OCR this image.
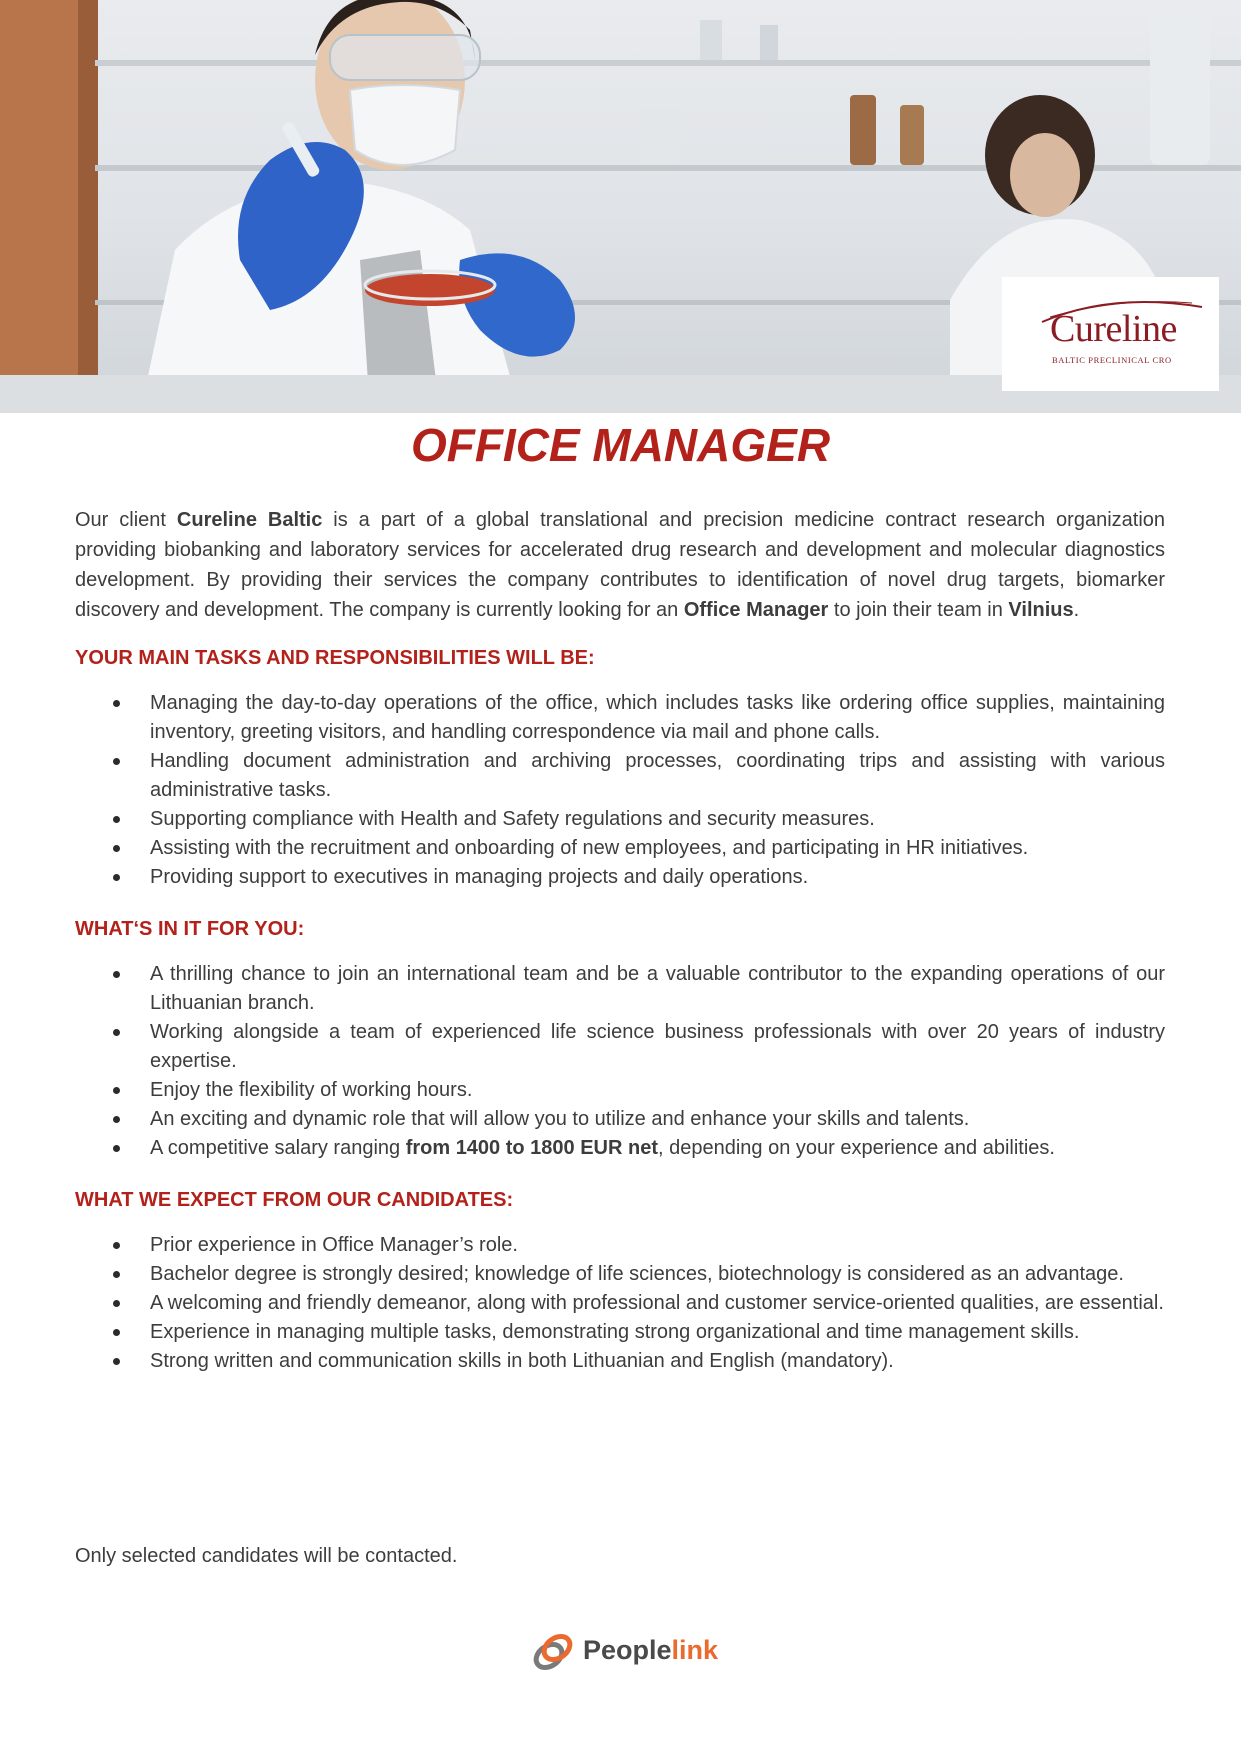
Cureline
BALTIC PRECLINICAL CRO
OFFICE MANAGER

Our client Cureline Baltic is a part of a global translational and precision medicine contract research organization providing biobanking and laboratory services for accelerated drug research and development and molecular diagnostics development. By providing their services the company contributes to identification of novel drug targets, biomarker discovery and development. The company is currently looking for an Office Manager to join their team in Vilnius.

YOUR MAIN TASKS AND RESPONSIBILITIES WILL BE:
Managing the day-to-day operations of the office, which includes tasks like ordering office supplies, maintaining inventory, greeting visitors, and handling correspondence via mail and phone calls.
Handling document administration and archiving processes, coordinating trips and assisting with various administrative tasks.
Supporting compliance with Health and Safety regulations and security measures.
Assisting with the recruitment and onboarding of new employees, and participating in HR initiatives.
Providing support to executives in managing projects and daily operations.
WHAT‘S IN IT FOR YOU:
A thrilling chance to join an international team and be a valuable contributor to the expanding operations of our Lithuanian branch.
Working alongside a team of experienced life science business professionals with over 20 years of industry expertise.
Enjoy the flexibility of working hours.
An exciting and dynamic role that will allow you to utilize and enhance your skills and talents.
A competitive salary ranging from 1400 to 1800 EUR net, depending on your experience and abilities.
WHAT WE EXPECT FROM OUR CANDIDATES:
Prior experience in Office Manager’s role.
Bachelor degree is strongly desired; knowledge of life sciences, biotechnology is considered as an advantage.
A welcoming and friendly demeanor, along with professional and customer service-oriented qualities, are essential.
Experience in managing multiple tasks, demonstrating strong organizational and time management skills.
Strong written and communication skills in both Lithuanian and English (mandatory).

Only selected candidates will be contacted.

Peoplelink
